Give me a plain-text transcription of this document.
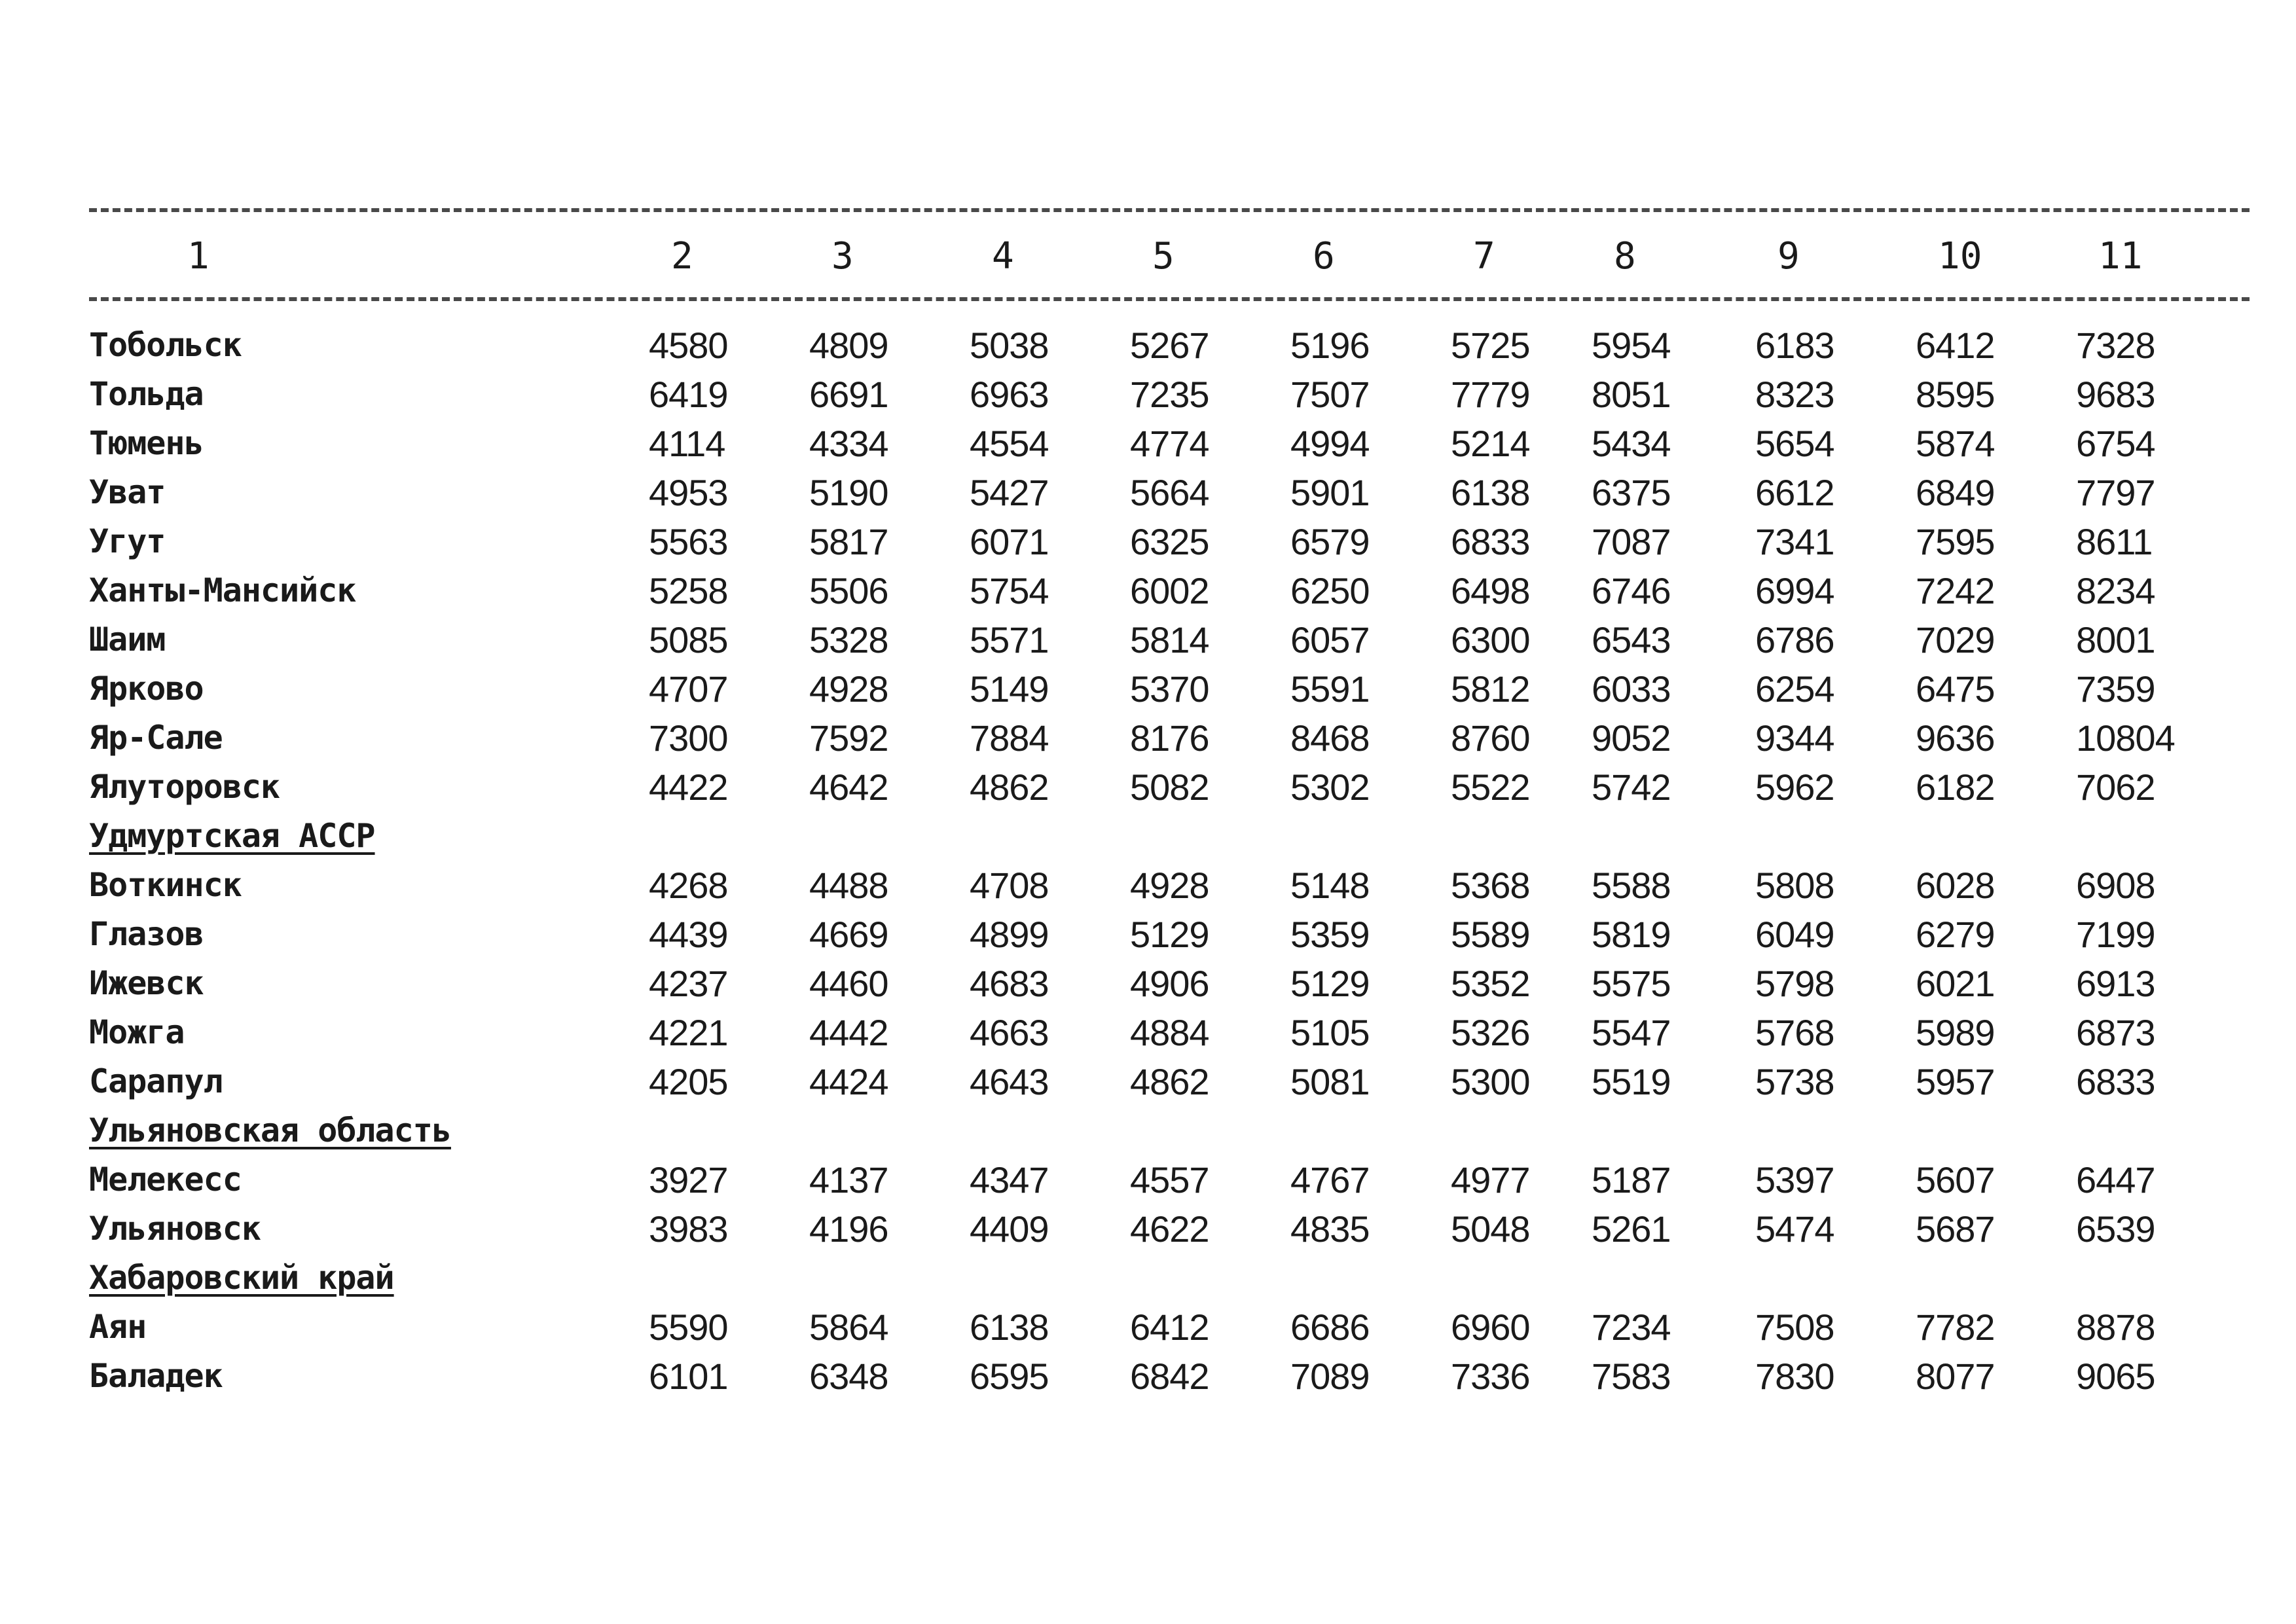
1	2	3	4	5	6	7	8	9	10	11
Тобольск	4580	4809	5038	5267	5196	5725	5954	6183	6412	7328
Тольда	6419	6691	6963	7235	7507	7779	8051	8323	8595	9683
Тюмень	4114	4334	4554	4774	4994	5214	5434	5654	5874	6754
Уват	4953	5190	5427	5664	5901	6138	6375	6612	6849	7797
Угут	5563	5817	6071	6325	6579	6833	7087	7341	7595	8611
Ханты-Мансийск	5258	5506	5754	6002	6250	6498	6746	6994	7242	8234
Шаим	5085	5328	5571	5814	6057	6300	6543	6786	7029	8001
Ярково	4707	4928	5149	5370	5591	5812	6033	6254	6475	7359
Яр-Сале	7300	7592	7884	8176	8468	8760	9052	9344	9636	10804
Ялуторовск	4422	4642	4862	5082	5302	5522	5742	5962	6182	7062
Удмуртская АССР
Воткинск	4268	4488	4708	4928	5148	5368	5588	5808	6028	6908
Глазов	4439	4669	4899	5129	5359	5589	5819	6049	6279	7199
Ижевск	4237	4460	4683	4906	5129	5352	5575	5798	6021	6913
Можга	4221	4442	4663	4884	5105	5326	5547	5768	5989	6873
Сарапул	4205	4424	4643	4862	5081	5300	5519	5738	5957	6833
Ульяновская область
Мелекесс	3927	4137	4347	4557	4767	4977	5187	5397	5607	6447
Ульяновск	3983	4196	4409	4622	4835	5048	5261	5474	5687	6539
Хабаровский край
Аян	5590	5864	6138	6412	6686	6960	7234	7508	7782	8878
Баладек	6101	6348	6595	6842	7089	7336	7583	7830	8077	9065
